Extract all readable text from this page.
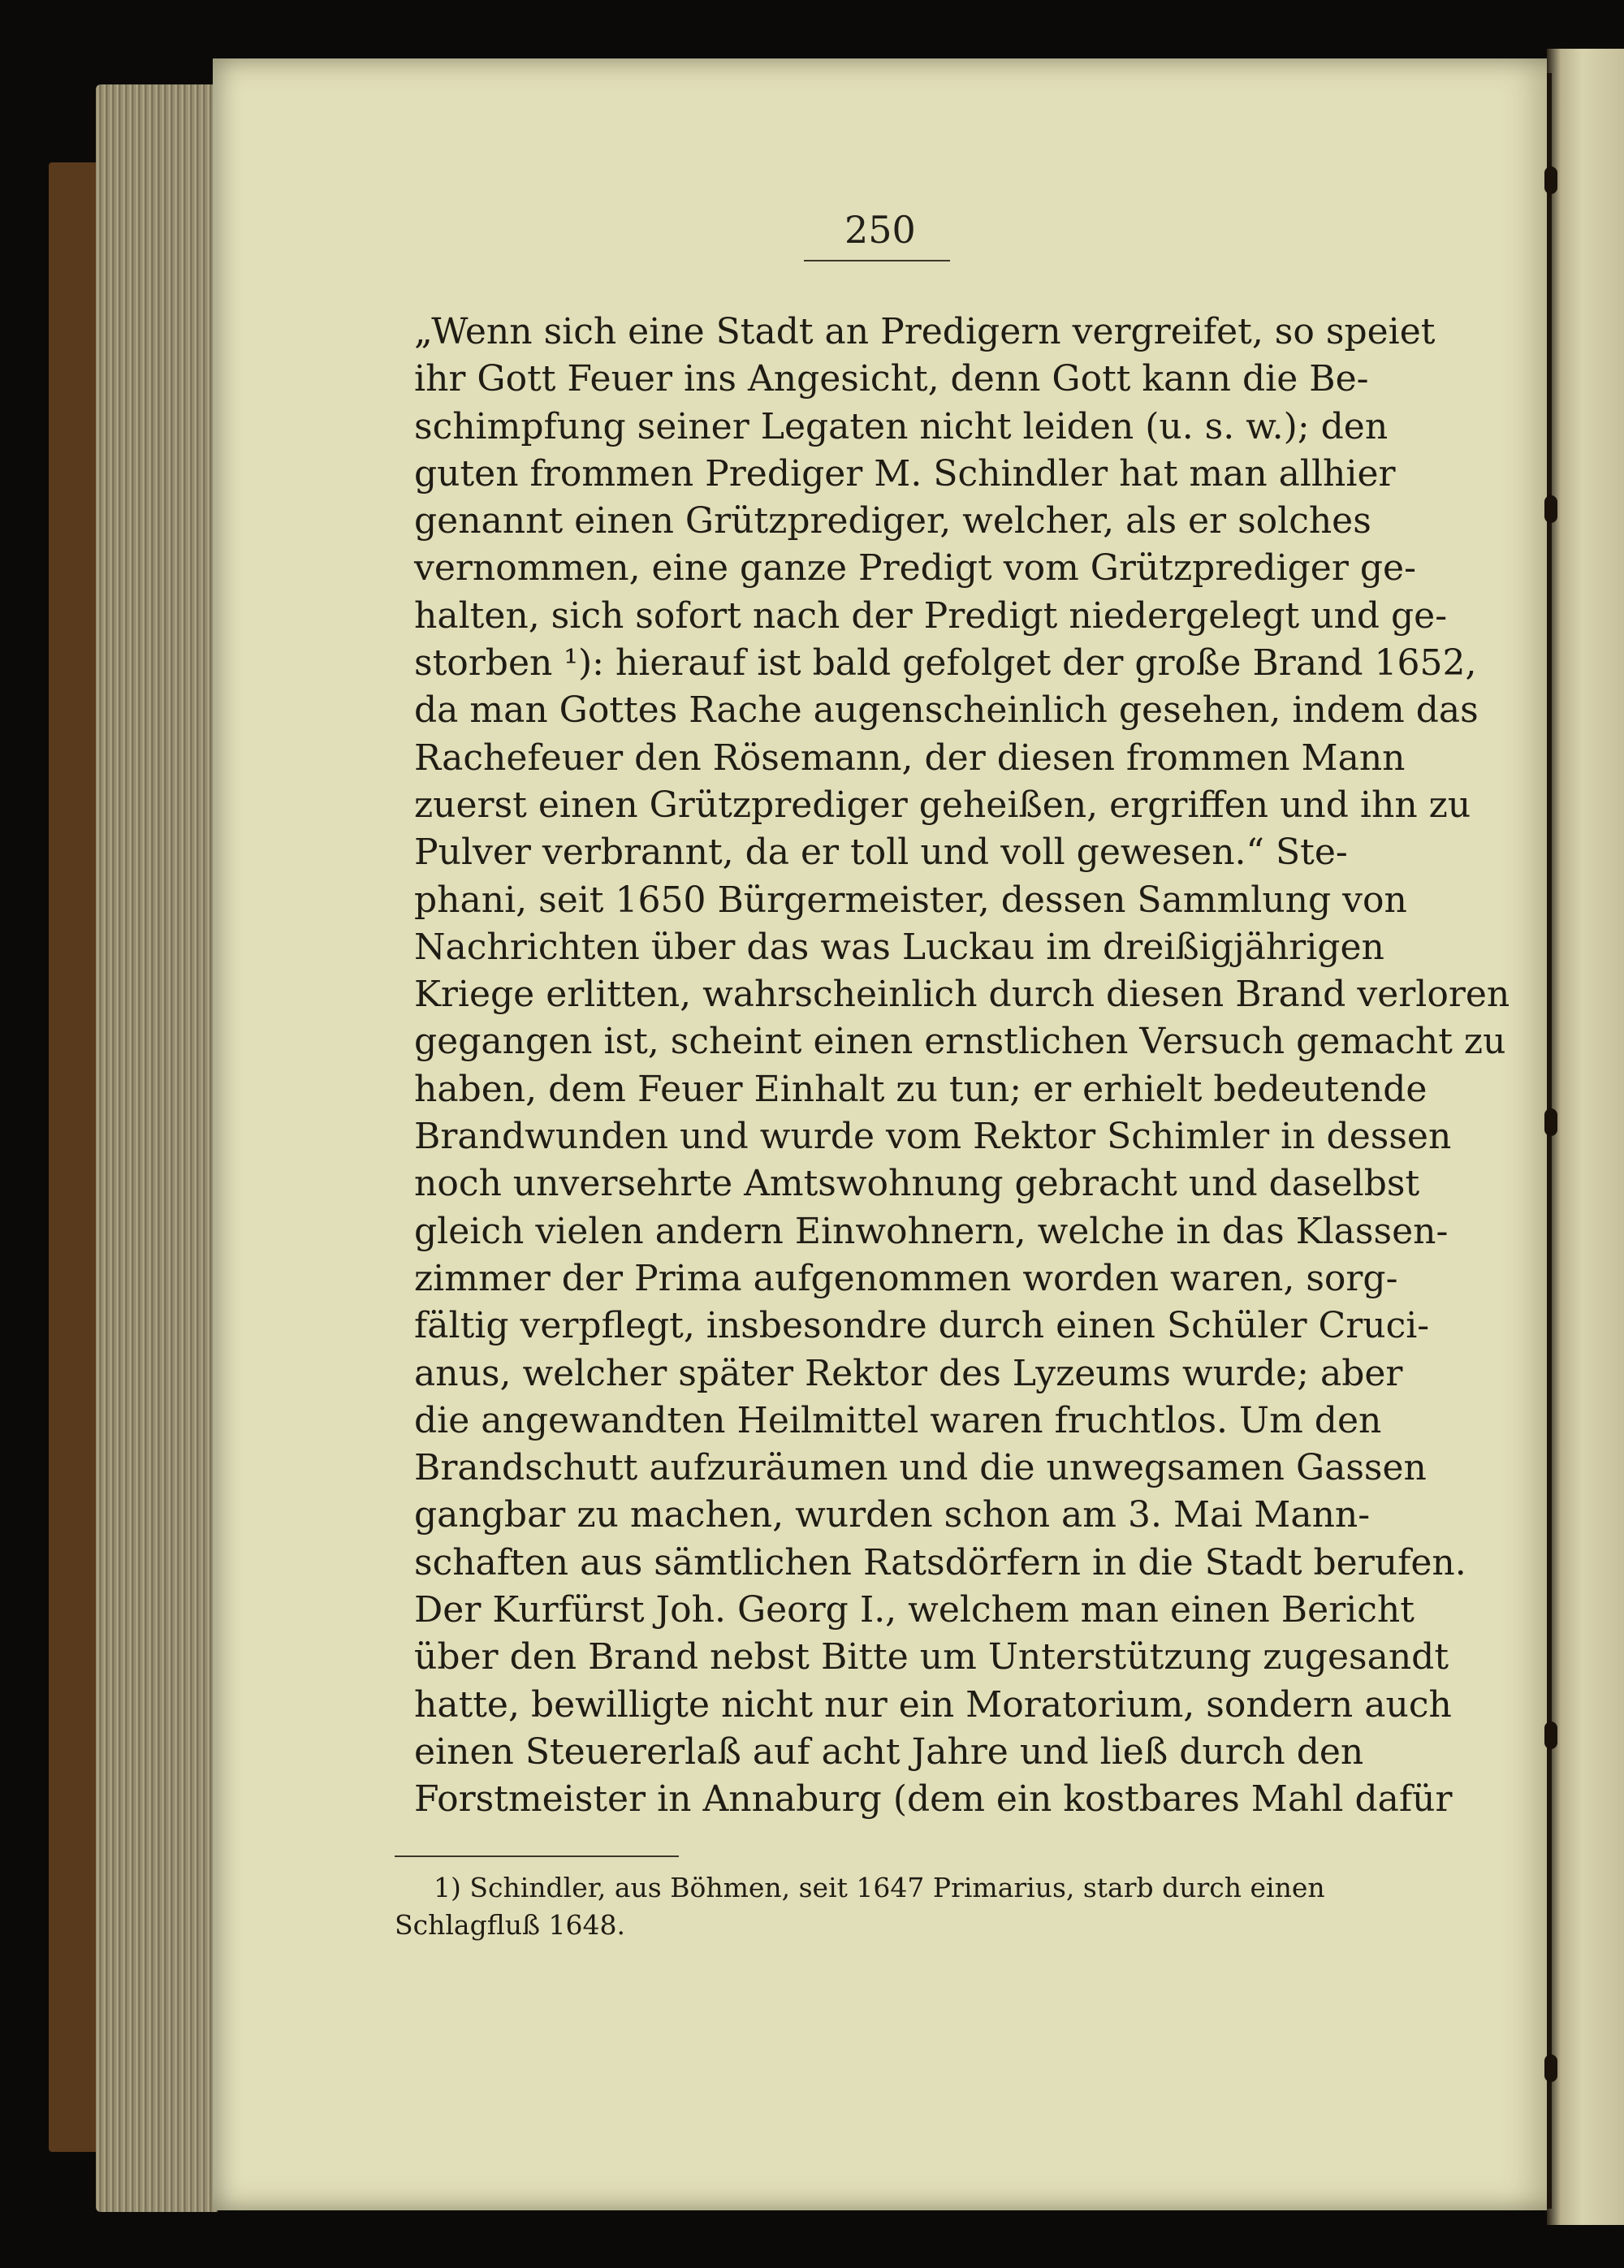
250
„Wenn sich eine Stadt an Predigern vergreifet, so speiet
ihr Gott Feuer ins Angesicht, denn Gott kann die Be-
schimpfung seiner Legaten nicht leiden (u. s. w.); den
guten frommen Prediger M. Schindler hat man allhier
genannt einen Grützprediger, welcher, als er solches
vernommen, eine ganze Predigt vom Grützprediger ge-
halten, sich sofort nach der Predigt niedergelegt und ge-
storben ¹): hierauf ist bald gefolget der große Brand 1652,
da man Gottes Rache augenscheinlich gesehen, indem das
Rachefeuer den Rösemann, der diesen frommen Mann
zuerst einen Grützprediger geheißen, ergriffen und ihn zu
Pulver verbrannt, da er toll und voll gewesen.“ Ste-
phani, seit 1650 Bürgermeister, dessen Sammlung von
Nachrichten über das was Luckau im dreißigjährigen
Kriege erlitten, wahrscheinlich durch diesen Brand verloren
gegangen ist, scheint einen ernstlichen Versuch gemacht zu
haben, dem Feuer Einhalt zu tun; er erhielt bedeutende
Brandwunden und wurde vom Rektor Schimler in dessen
noch unversehrte Amtswohnung gebracht und daselbst
gleich vielen andern Einwohnern, welche in das Klassen-
zimmer der Prima aufgenommen worden waren, sorg-
fältig verpflegt, insbesondre durch einen Schüler Cruci-
anus, welcher später Rektor des Lyzeums wurde; aber
die angewandten Heilmittel waren fruchtlos. Um den
Brandschutt aufzuräumen und die unwegsamen Gassen
gangbar zu machen, wurden schon am 3. Mai Mann-
schaften aus sämtlichen Ratsdörfern in die Stadt berufen.
Der Kurfürst Joh. Georg I., welchem man einen Bericht
über den Brand nebst Bitte um Unterstützung zugesandt
hatte, bewilligte nicht nur ein Moratorium, sondern auch
einen Steuererlaß auf acht Jahre und ließ durch den
Forstmeister in Annaburg (dem ein kostbares Mahl dafür
1) Schindler, aus Böhmen, seit 1647 Primarius, starb durch einen
Schlagfluß 1648.
